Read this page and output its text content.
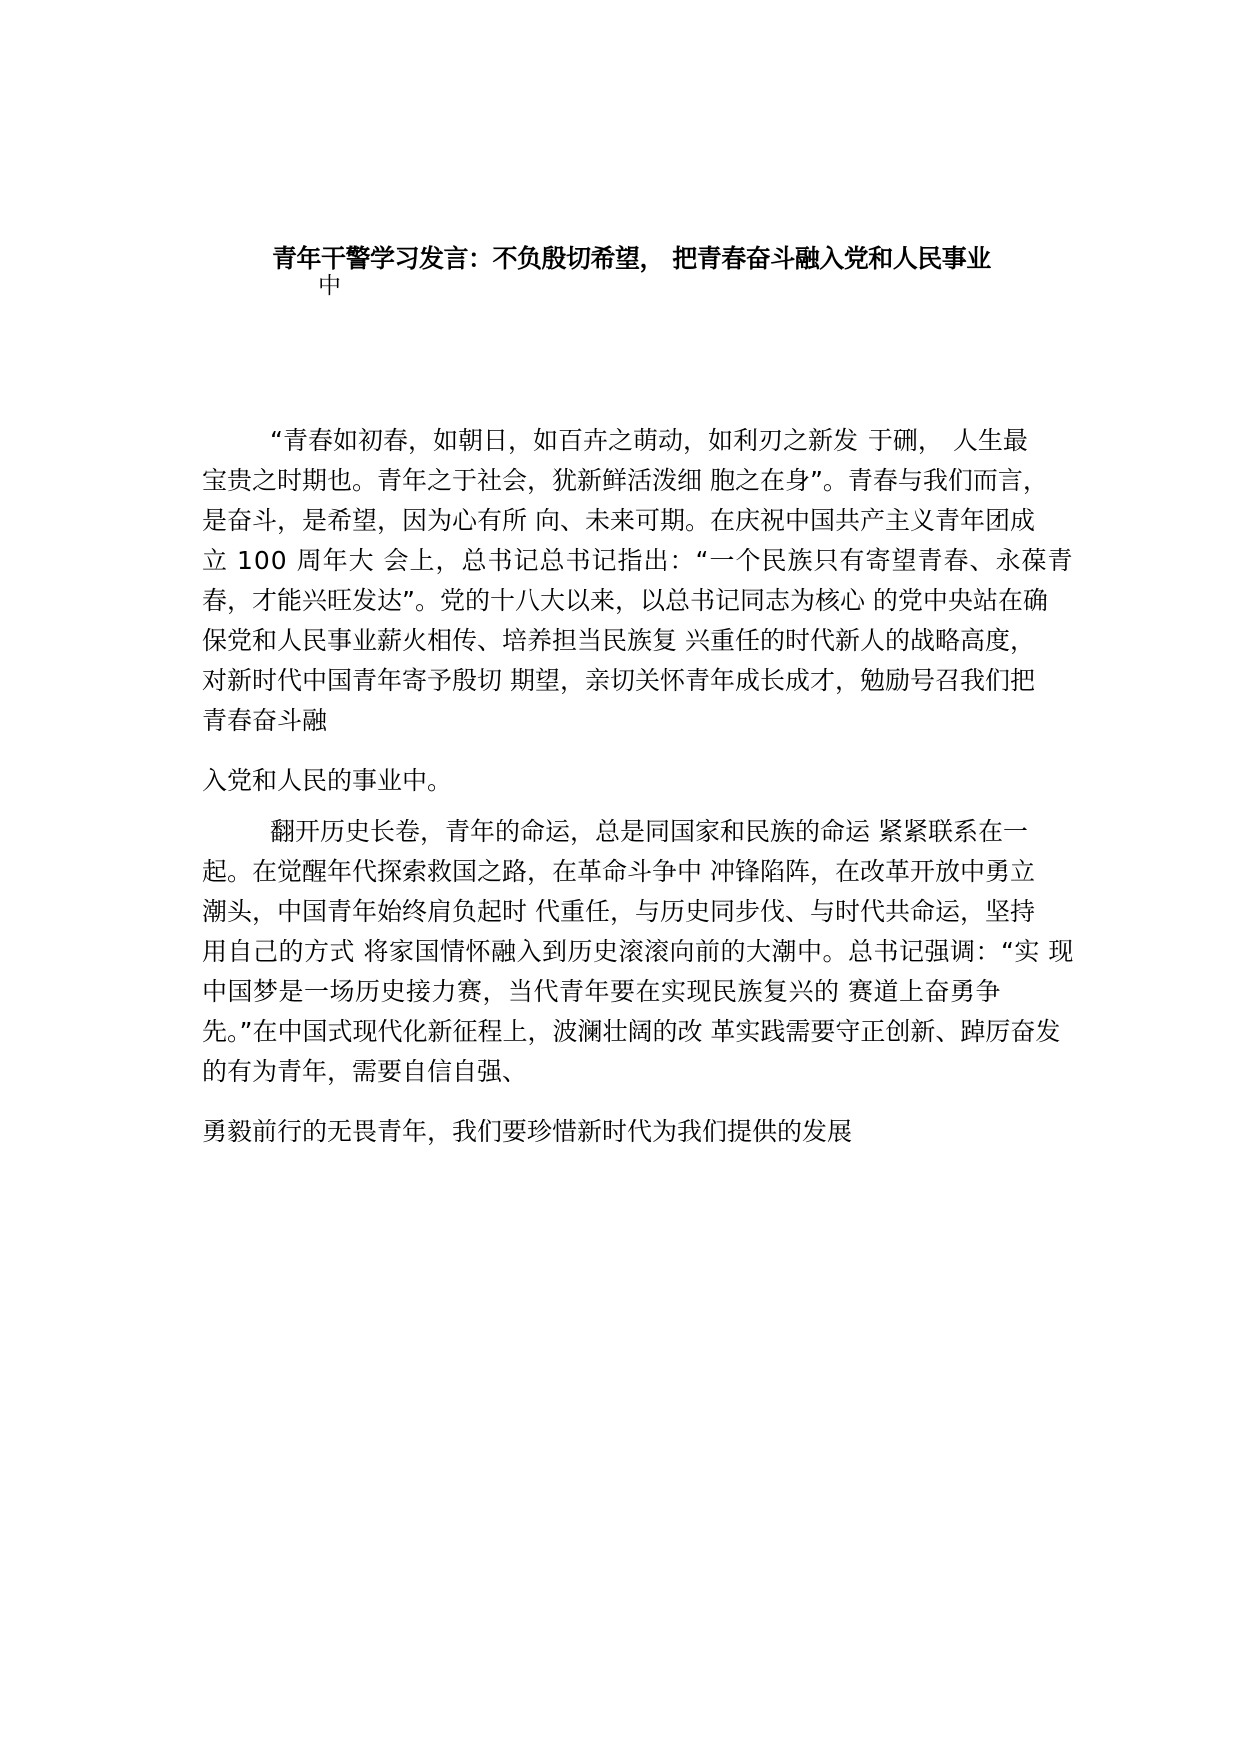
青年干警学习发言：不负殷切希望， 把青春奋斗融入党和人民事业
中
“青春如初春，如朝日，如百卉之萌动，如利刃之新发 于硎， 人生最
宝贵之时期也。青年之于社会，犹新鲜活泼细 胞之在身”。青春与我们而言，
是奋斗，是希望，因为心有所 向、未来可期。在庆祝中国共产主义青年团成
立 100 周年大 会上，总书记总书记指出：“一个民族只有寄望青春、永葆青
春，才能兴旺发达”。党的十八大以来，以总书记同志为核心 的党中央站在确
保党和人民事业薪火相传、培养担当民族复 兴重任的时代新人的战略高度，
对新时代中国青年寄予殷切 期望，亲切关怀青年成长成才，勉励号召我们把
青春奋斗融
入党和人民的事业中。
翻开历史长卷，青年的命运，总是同国家和民族的命运 紧紧联系在一
起。在觉醒年代探索救国之路，在革命斗争中 冲锋陷阵，在改革开放中勇立
潮头，中国青年始终肩负起时 代重任，与历史同步伐、与时代共命运，坚持
用自己的方式 将家国情怀融入到历史滚滚向前的大潮中。总书记强调：“实 现
中国梦是一场历史接力赛，当代青年要在实现民族复兴的 赛道上奋勇争
先。”在中国式现代化新征程上，波澜壮阔的改 革实践需要守正创新、踔厉奋发
的有为青年，需要自信自强、
勇毅前行的无畏青年，我们要珍惜新时代为我们提供的发展
